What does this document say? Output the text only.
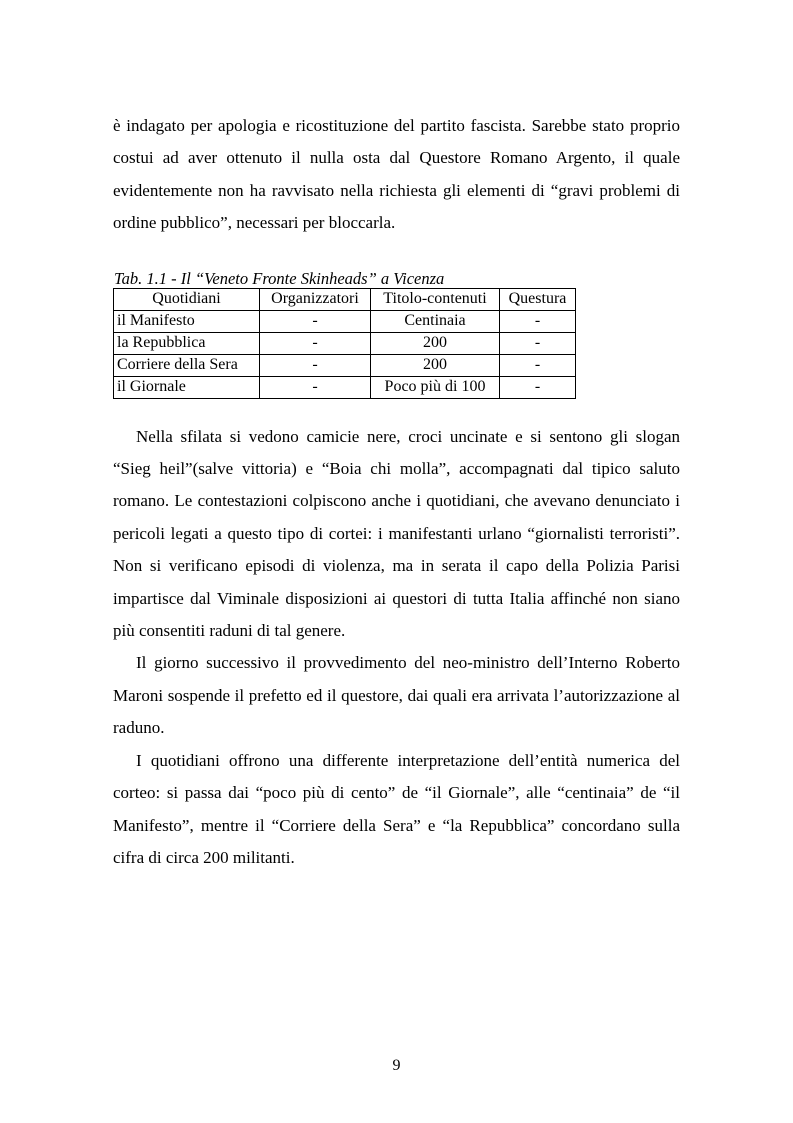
è indagato per apologia e ricostituzione del partito fascista. Sarebbe stato proprio costui ad aver ottenuto il nulla osta dal Questore Romano Argento, il quale evidentemente non ha ravvisato nella richiesta gli elementi di “gravi problemi di ordine pubblico”, necessari per bloccarla.

Tab. 1.1 - Il “Veneto Fronte Skinheads” a Vicenza

Quotidiani	Organizzatori	Titolo-contenuti	Questura
il Manifesto	-	Centinaia	-
la Repubblica	-	200	-
Corriere della Sera	-	200	-
il Giornale	-	Poco più di 100	-

Nella sfilata si vedono camicie nere, croci uncinate e si sentono gli slogan “Sieg heil”(salve vittoria) e “Boia chi molla”, accompagnati dal tipico saluto romano. Le contestazioni colpiscono anche i quotidiani, che avevano denunciato i pericoli legati a questo tipo di cortei: i manifestanti urlano “giornalisti terroristi”. Non si verificano episodi di violenza, ma in serata il capo della Polizia Parisi impartisce dal Viminale disposizioni ai questori di tutta Italia affinché non siano più consentiti raduni di tal genere.

Il giorno successivo il provvedimento del neo-ministro dell’Interno Roberto Maroni sospende il prefetto ed il questore, dai quali era arrivata l’autorizzazione al raduno.

I quotidiani offrono una differente interpretazione dell’entità numerica del corteo: si passa dai “poco più di cento” de “il Giornale”, alle “centinaia” de “il Manifesto”, mentre il “Corriere della Sera” e “la Repubblica” concordano sulla cifra di circa 200 militanti.

9
